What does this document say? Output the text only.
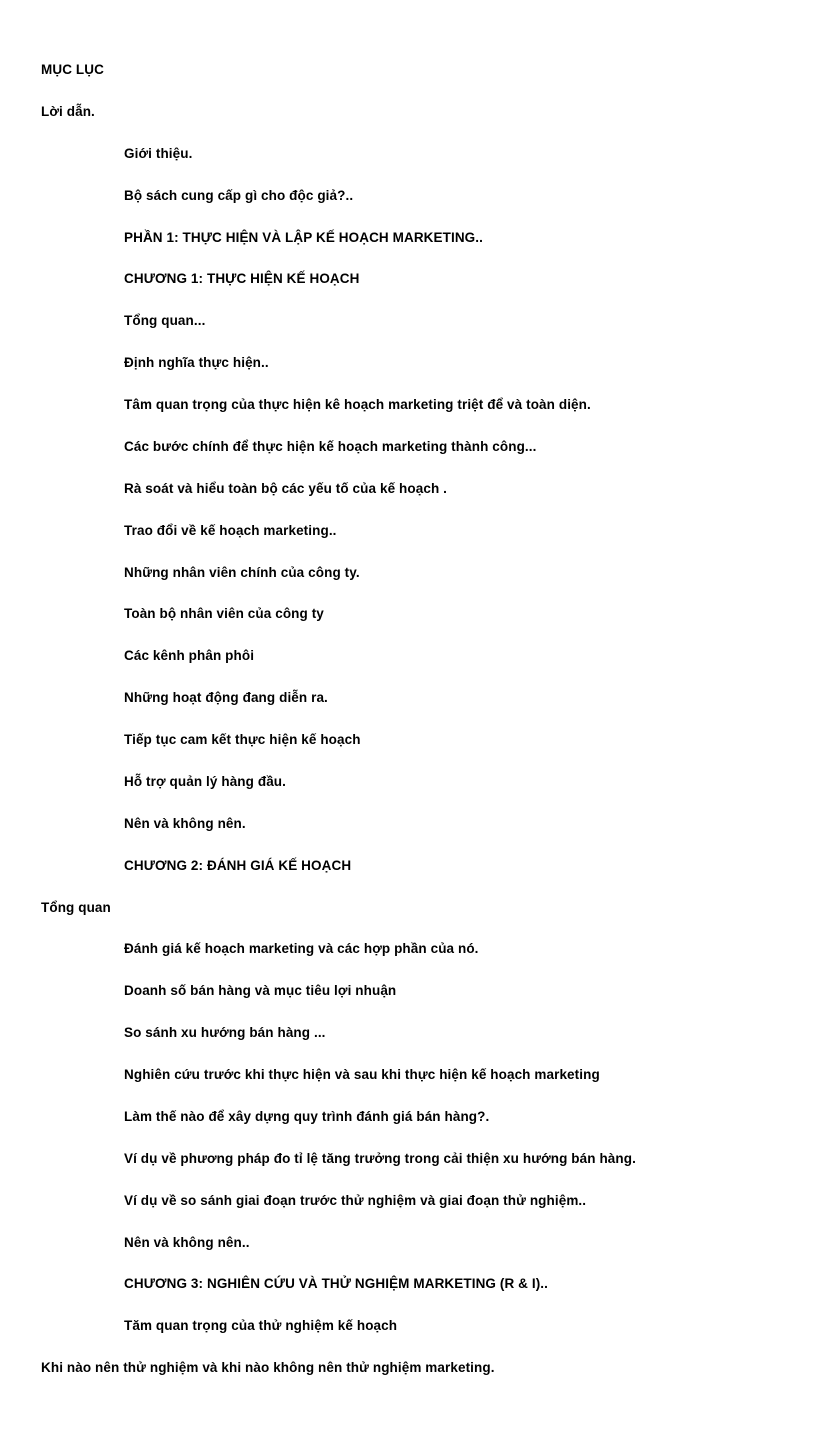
MỤC LỤC
Lời dẫn.
Giới thiệu.
Bộ sách cung cấp gì cho độc giả?..
PHẦN 1: THỰC HIỆN VÀ LẬP KẾ HOẠCH MARKETING..
CHƯƠNG 1: THỰC HIỆN KẾ HOẠCH
Tổng quan...
Định nghĩa thực hiện..
Tâm quan trọng của thực hiện kê hoạch marketing triệt để và toàn diện.
Các bước chính để thực hiện kế hoạch marketing thành công...
Rà soát và hiểu toàn bộ các yếu tố của kế hoạch .
Trao đổi về kế hoạch marketing..
Những nhân viên chính của công ty.
Toàn bộ nhân viên của công ty
Các kênh phân phôi
Những hoạt động đang diễn ra.
Tiếp tục cam kết thực hiện kế hoạch
Hỗ trợ quản lý hàng đầu.
Nên và không nên.
CHƯƠNG 2: ĐÁNH GIÁ KẾ HOẠCH
Tổng quan
Đánh giá kế hoạch marketing và các hợp phần của nó.
Doanh số bán hàng và mục tiêu lợi nhuận
So sánh xu hướng bán hàng ...
Nghiên cứu trước khi thực hiện và sau khi thực hiện kế hoạch marketing
Làm thế nào để xây dựng quy trình đánh giá bán hàng?.
Ví dụ về phương pháp đo tỉ lệ tăng trưởng trong cải thiện xu hướng bán hàng.
Ví dụ về so sánh giai đoạn trước thử nghiệm và giai đoạn thử nghiệm..
Nên và không nên..
CHƯƠNG 3: NGHIÊN CỨU VÀ THỬ NGHIỆM MARKETING (R & I)..
Tăm quan trọng của thử nghiệm kế hoạch
Khi nào nên thử nghiệm và khi nào không nên thử nghiệm marketing.
